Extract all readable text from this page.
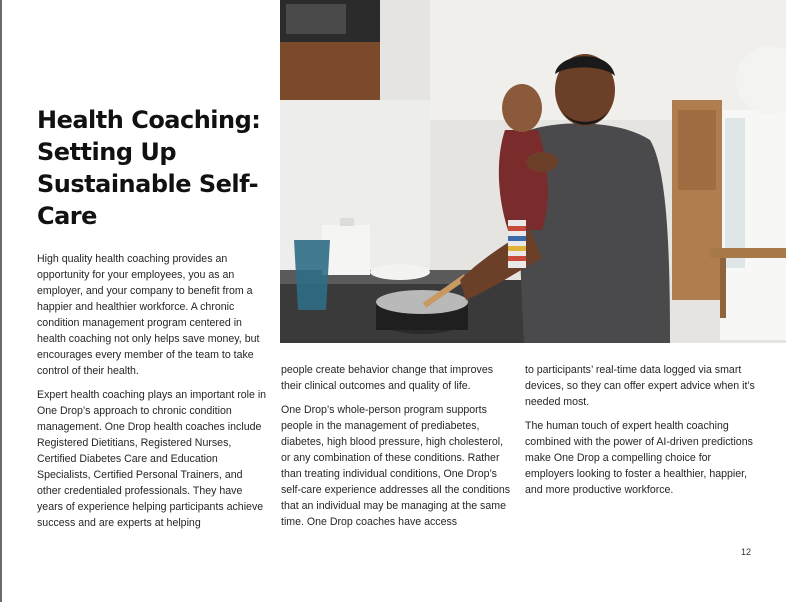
Health Coaching: Setting Up Sustainable Self-Care

High quality health coaching provides an opportunity for your employees, you as an employer, and your company to benefit from a happier and healthier workforce. A chronic condition management program centered in health coaching not only helps save money, but encourages every member of the team to take control of their health.

Expert health coaching plays an important role in One Drop’s approach to chronic condition management. One Drop health coaches include Registered Dietitians, Registered Nurses, Certified Diabetes Care and Education Specialists, Certified Personal Trainers, and other credentialed professionals. They have years of experience helping participants achieve success and are experts at helping

people create behavior change that improves their clinical outcomes and quality of life.

One Drop’s whole-person program supports people in the management of prediabetes, diabetes, high blood pressure, high cholesterol, or any combination of these conditions. Rather than treating individual conditions, One Drop’s self-care experience addresses all the conditions that an individual may be managing at the same time. One Drop coaches have access

to participants’ real-time data logged via smart devices, so they can offer expert advice when it’s needed most.

The human touch of expert health coaching combined with the power of AI-driven predictions make One Drop a compelling choice for employers looking to foster a healthier, happier, and more productive workforce.

12
